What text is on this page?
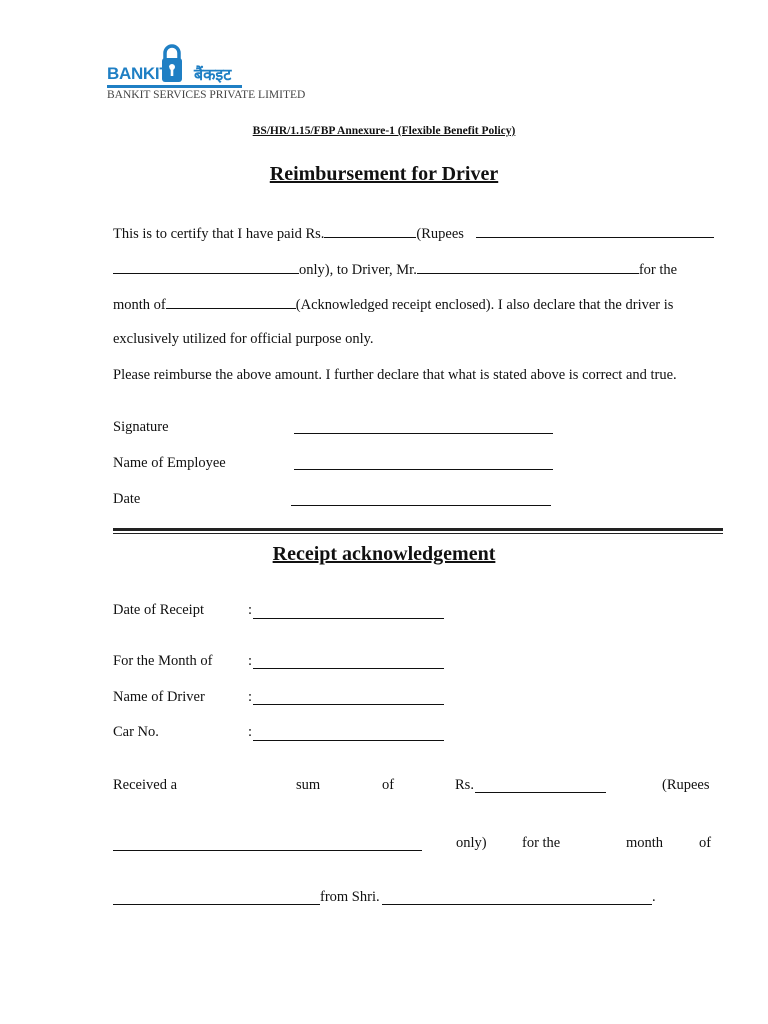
BANKIT बैंकइट
BANKIT SERVICES PRIVATE LIMITED
BS/HR/1.15/FBP Annexure-1 (Flexible Benefit Policy)
Reimbursement for Driver
This is to certify that I have paid Rs.	(Rupees
only), to Driver, Mr.	for the
month of	(Acknowledged receipt enclosed). I also declare that the driver is
exclusively utilized for official purpose only.
Please reimburse the above amount. I further declare that what is stated above is correct and true.
Signature
Name of Employee
Date
Receipt acknowledgement
Date of Receipt	:
For the Month of :
Name of Driver	:
Car No.	:
Received a	sum	of	Rs.	(Rupees
only) for the	month of
from Shri.	.
